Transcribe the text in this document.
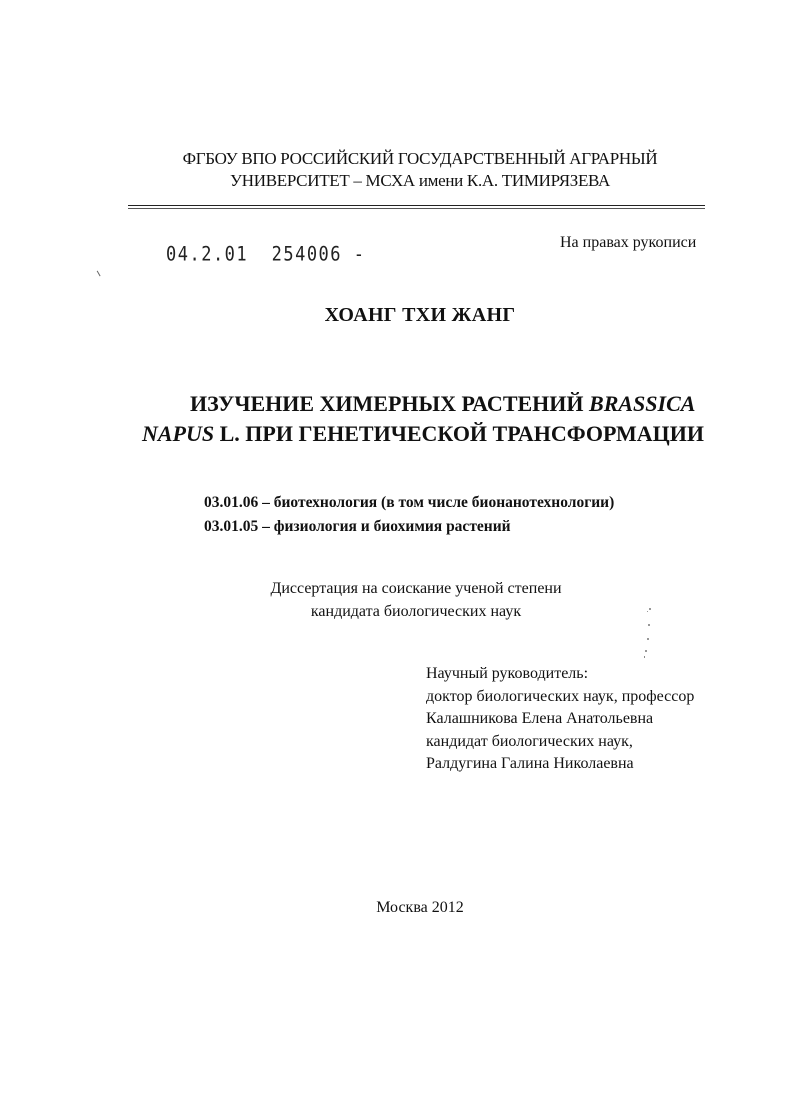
ФГБОУ ВПО РОССИЙСКИЙ ГОСУДАРСТВЕННЫЙ АГРАРНЫЙ
УНИВЕРСИТЕТ – МСХА имени К.А. ТИМИРЯЗЕВА
04.2.01  254006 -
На правах рукописи
ХОАНГ ТХИ ЖАНГ
ИЗУЧЕНИЕ ХИМЕРНЫХ РАСТЕНИЙ BRASSICA
NAPUS L. ПРИ ГЕНЕТИЧЕСКОЙ ТРАНСФОРМАЦИИ
03.01.06 – биотехнология (в том числе бионанотехнологии)
03.01.05 – физиология и биохимия растений
Диссертация на соискание ученой степени
кандидата биологических наук
Научный руководитель:
доктор биологических наук, профессор
Калашникова Елена Анатольевна
кандидат биологических наук,
Ралдугина Галина Николаевна
Москва 2012
